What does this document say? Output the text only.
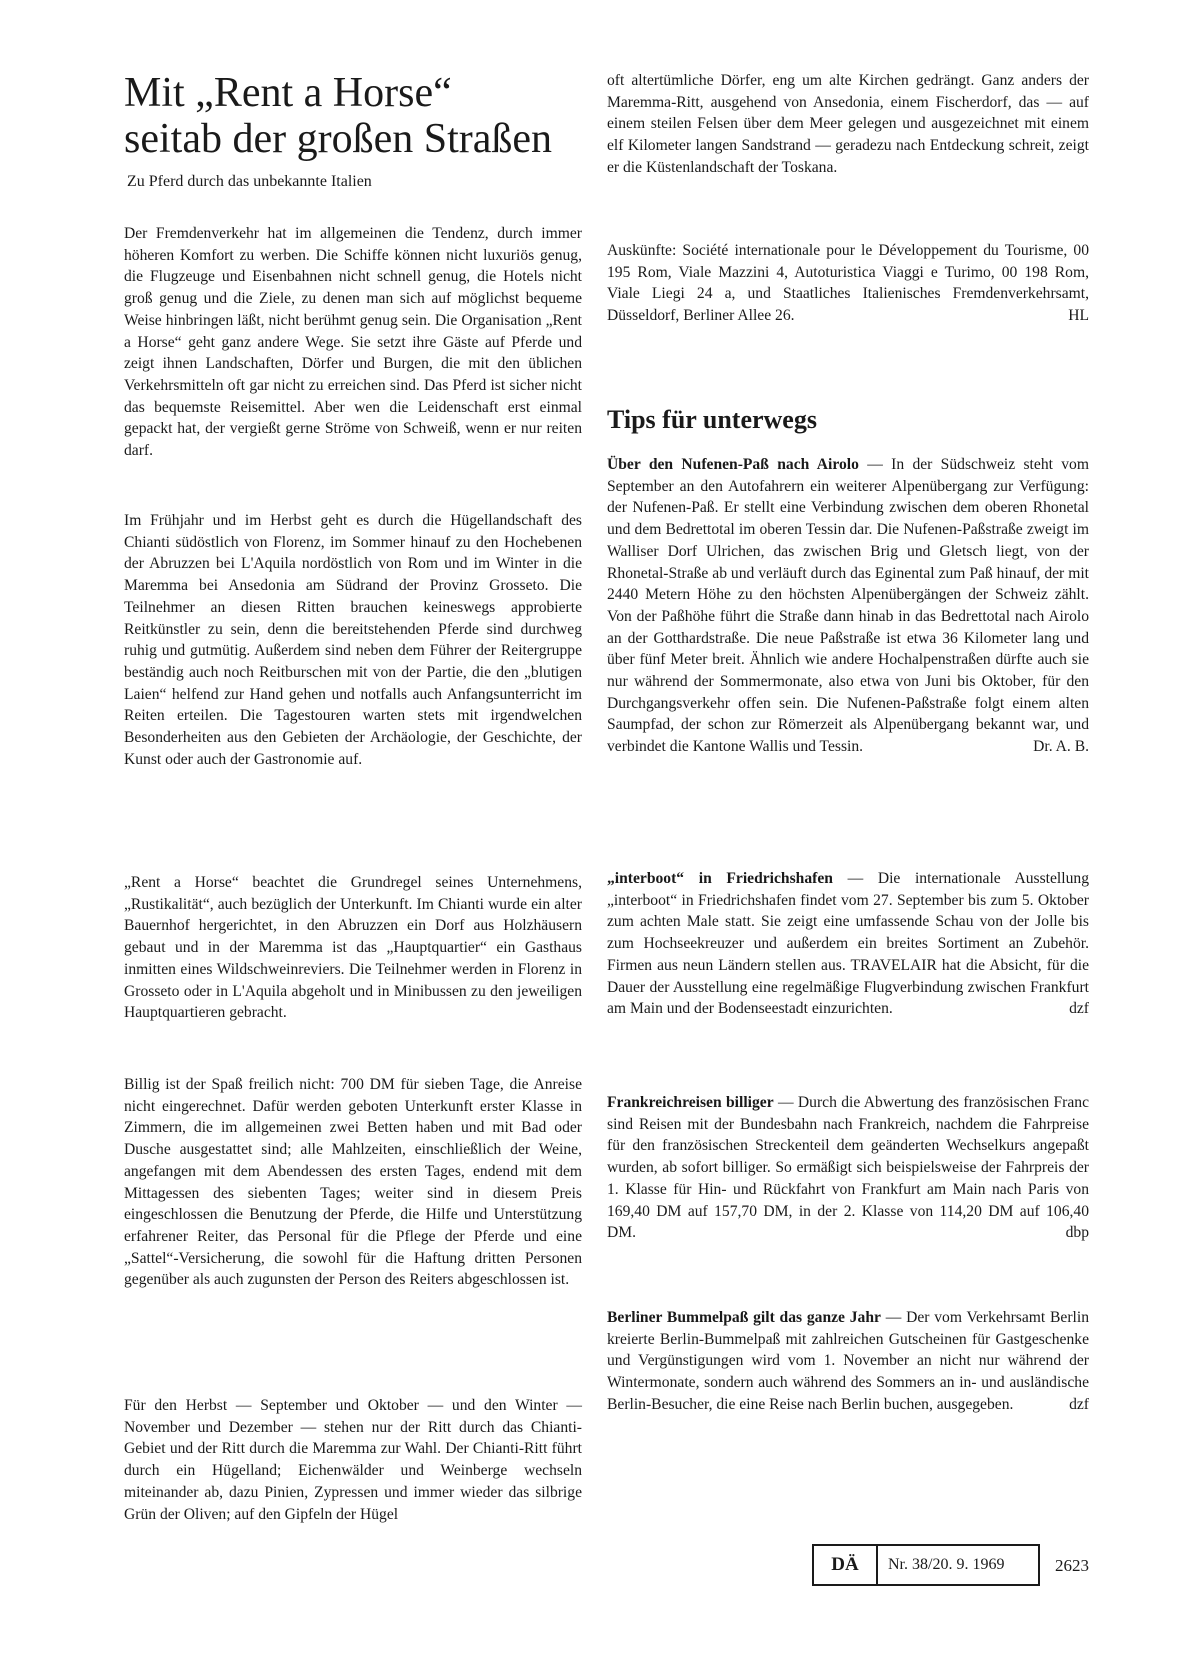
Mit „Rent a Horse“
seitab der großen Straßen
Zu Pferd durch das unbekannte Italien

Der Fremdenverkehr hat im allgemeinen die Tendenz, durch immer höheren Komfort zu werben. Die Schiffe können nicht luxuriös genug, die Flugzeuge und Eisenbahnen nicht schnell genug, die Hotels nicht groß genug und die Ziele, zu denen man sich auf möglichst bequeme Weise hinbringen läßt, nicht berühmt genug sein. Die Organisation „Rent a Horse“ geht ganz andere Wege. Sie setzt ihre Gäste auf Pferde und zeigt ihnen Landschaften, Dörfer und Burgen, die mit den üblichen Verkehrsmitteln oft gar nicht zu erreichen sind. Das Pferd ist sicher nicht das bequemste Reisemittel. Aber wen die Leidenschaft erst einmal gepackt hat, der vergießt gerne Ströme von Schweiß, wenn er nur reiten darf.

Im Frühjahr und im Herbst geht es durch die Hügellandschaft des Chianti südöstlich von Florenz, im Sommer hinauf zu den Hochebenen der Abruzzen bei L'Aquila nordöstlich von Rom und im Winter in die Maremma bei Ansedonia am Südrand der Provinz Grosseto. Die Teilnehmer an diesen Ritten brauchen keineswegs approbierte Reitkünstler zu sein, denn die bereitstehenden Pferde sind durchweg ruhig und gutmütig. Außerdem sind neben dem Führer der Reitergruppe beständig auch noch Reitburschen mit von der Partie, die den „blutigen Laien“ helfend zur Hand gehen und notfalls auch Anfangsunterricht im Reiten erteilen. Die Tagestouren warten stets mit irgendwelchen Besonderheiten aus den Gebieten der Archäologie, der Geschichte, der Kunst oder auch der Gastronomie auf.

„Rent a Horse“ beachtet die Grundregel seines Unternehmens, „Rustikalität“, auch bezüglich der Unterkunft. Im Chianti wurde ein alter Bauernhof hergerichtet, in den Abruzzen ein Dorf aus Holzhäusern gebaut und in der Maremma ist das „Hauptquartier“ ein Gasthaus inmitten eines Wildschweinreviers. Die Teilnehmer werden in Florenz in Grosseto oder in L'Aquila abgeholt und in Minibussen zu den jeweiligen Hauptquartieren gebracht.

Billig ist der Spaß freilich nicht: 700 DM für sieben Tage, die Anreise nicht eingerechnet. Dafür werden geboten Unterkunft erster Klasse in Zimmern, die im allgemeinen zwei Betten haben und mit Bad oder Dusche ausgestattet sind; alle Mahlzeiten, einschließlich der Weine, angefangen mit dem Abendessen des ersten Tages, endend mit dem Mittagessen des siebenten Tages; weiter sind in diesem Preis eingeschlossen die Benutzung der Pferde, die Hilfe und Unterstützung erfahrener Reiter, das Personal für die Pflege der Pferde und eine „Sattel“-Versicherung, die sowohl für die Haftung dritten Personen gegenüber als auch zugunsten der Person des Reiters abgeschlossen ist.

Für den Herbst — September und Oktober — und den Winter — November und Dezember — stehen nur der Ritt durch das Chianti-Gebiet und der Ritt durch die Maremma zur Wahl. Der Chianti-Ritt führt durch ein Hügelland; Eichenwälder und Weinberge wechseln miteinander ab, dazu Pinien, Zypressen und immer wieder das silbrige Grün der Oliven; auf den Gipfeln der Hügel

oft altertümliche Dörfer, eng um alte Kirchen gedrängt. Ganz anders der Maremma-Ritt, ausgehend von Ansedonia, einem Fischerdorf, das — auf einem steilen Felsen über dem Meer gelegen und ausgezeichnet mit einem elf Kilometer langen Sandstrand — geradezu nach Entdeckung schreit, zeigt er die Küstenlandschaft der Toskana.

Auskünfte: Société internationale pour le Développement du Tourisme, 00 195 Rom, Viale Mazzini 4, Autoturistica Viaggi e Turimo, 00 198 Rom, Viale Liegi 24 a, und Staatliches Italienisches Fremdenverkehrsamt, Düsseldorf, Berliner Allee 26.	HL

Tips für unterwegs

Über den Nufenen-Paß nach Airolo — In der Südschweiz steht vom September an den Autofahrern ein weiterer Alpenübergang zur Verfügung: der Nufenen-Paß. Er stellt eine Verbindung zwischen dem oberen Rhonetal und dem Bedrettotal im oberen Tessin dar. Die Nufenen-Paßstraße zweigt im Walliser Dorf Ulrichen, das zwischen Brig und Gletsch liegt, von der Rhonetal-Straße ab und verläuft durch das Eginental zum Paß hinauf, der mit 2440 Metern Höhe zu den höchsten Alpenübergängen der Schweiz zählt. Von der Paßhöhe führt die Straße dann hinab in das Bedrettotal nach Airolo an der Gotthardstraße. Die neue Paßstraße ist etwa 36 Kilometer lang und über fünf Meter breit. Ähnlich wie andere Hochalpenstraßen dürfte auch sie nur während der Sommermonate, also etwa von Juni bis Oktober, für den Durchgangsverkehr offen sein. Die Nufenen-Paßstraße folgt einem alten Saumpfad, der schon zur Römerzeit als Alpenübergang bekannt war, und verbindet die Kantone Wallis und Tessin.	Dr. A. B.

„interboot“ in Friedrichshafen — Die internationale Ausstellung „interboot“ in Friedrichshafen findet vom 27. September bis zum 5. Oktober zum achten Male statt. Sie zeigt eine umfassende Schau von der Jolle bis zum Hochseekreuzer und außerdem ein breites Sortiment an Zubehör. Firmen aus neun Ländern stellen aus. TRAVELAIR hat die Absicht, für die Dauer der Ausstellung eine regelmäßige Flugverbindung zwischen Frankfurt am Main und der Bodenseestadt einzurichten.	dzf

Frankreichreisen billiger — Durch die Abwertung des französischen Franc sind Reisen mit der Bundesbahn nach Frankreich, nachdem die Fahrpreise für den französischen Streckenteil dem geänderten Wechselkurs angepaßt wurden, ab sofort billiger. So ermäßigt sich beispielsweise der Fahrpreis der 1. Klasse für Hin- und Rückfahrt von Frankfurt am Main nach Paris von 169,40 DM auf 157,70 DM, in der 2. Klasse von 114,20 DM auf 106,40 DM.	dbp

Berliner Bummelpaß gilt das ganze Jahr — Der vom Verkehrsamt Berlin kreierte Berlin-Bummelpaß mit zahlreichen Gutscheinen für Gastgeschenke und Vergünstigungen wird vom 1. November an nicht nur während der Wintermonate, sondern auch während des Sommers an in- und ausländische Berlin-Besucher, die eine Reise nach Berlin buchen, ausgegeben.	dzf

DÄ	Nr. 38/20. 9. 1969	2623
